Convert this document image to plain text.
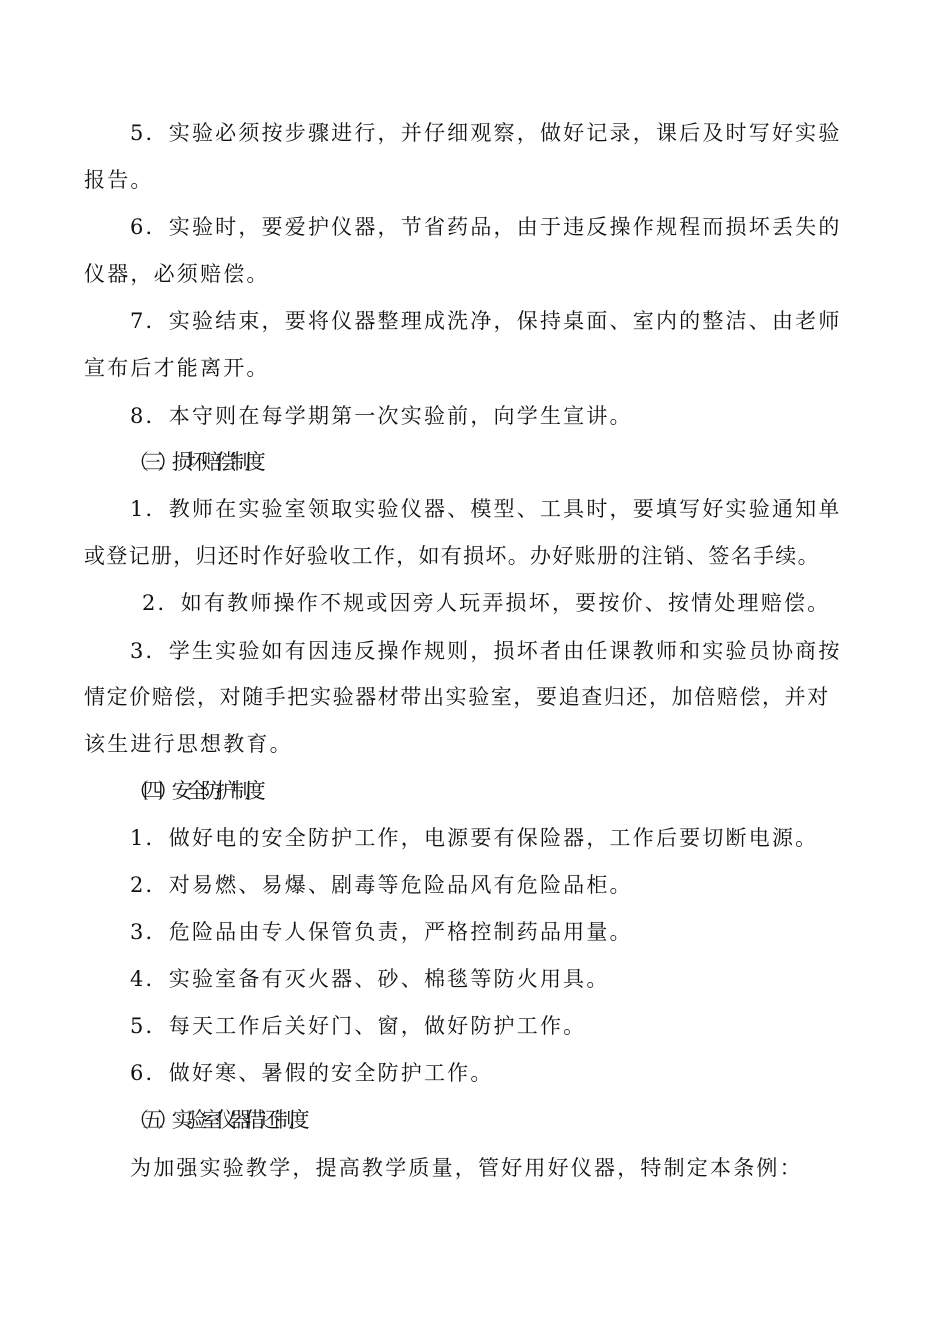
5．实验必须按步骤进行，并仔细观察，做好记录，课后及时写好实验
报告。
6．实验时，要爱护仪器，节省药品，由于违反操作规程而损坏丢失的
仪器，必须赔偿。
7．实验结束，要将仪器整理成洗净，保持桌面、室内的整洁、由老师
宣布后才能离开。
8．本守则在每学期第一次实验前，向学生宣讲。
（三）损坏赔偿制度
1．教师在实验室领取实验仪器、模型、工具时，要填写好实验通知单
或登记册，归还时作好验收工作，如有损坏。办好账册的注销、签名手续。
2．如有教师操作不规或因旁人玩弄损坏，要按价、按情处理赔偿。
3．学生实验如有因违反操作规则，损坏者由任课教师和实验员协商按
情定价赔偿，对随手把实验器材带出实验室，要追查归还，加倍赔偿，并对
该生进行思想教育。
（四）安全防护制度
1．做好电的安全防护工作，电源要有保险器，工作后要切断电源。
2．对易燃、易爆、剧毒等危险品风有危险品柜。
3．危险品由专人保管负责，严格控制药品用量。
4．实验室备有灭火器、砂、棉毯等防火用具。
5．每天工作后关好门、窗，做好防护工作。
6．做好寒、暑假的安全防护工作。
（五）实验室仪器借还制度
为加强实验教学，提高教学质量，管好用好仪器，特制定本条例：
